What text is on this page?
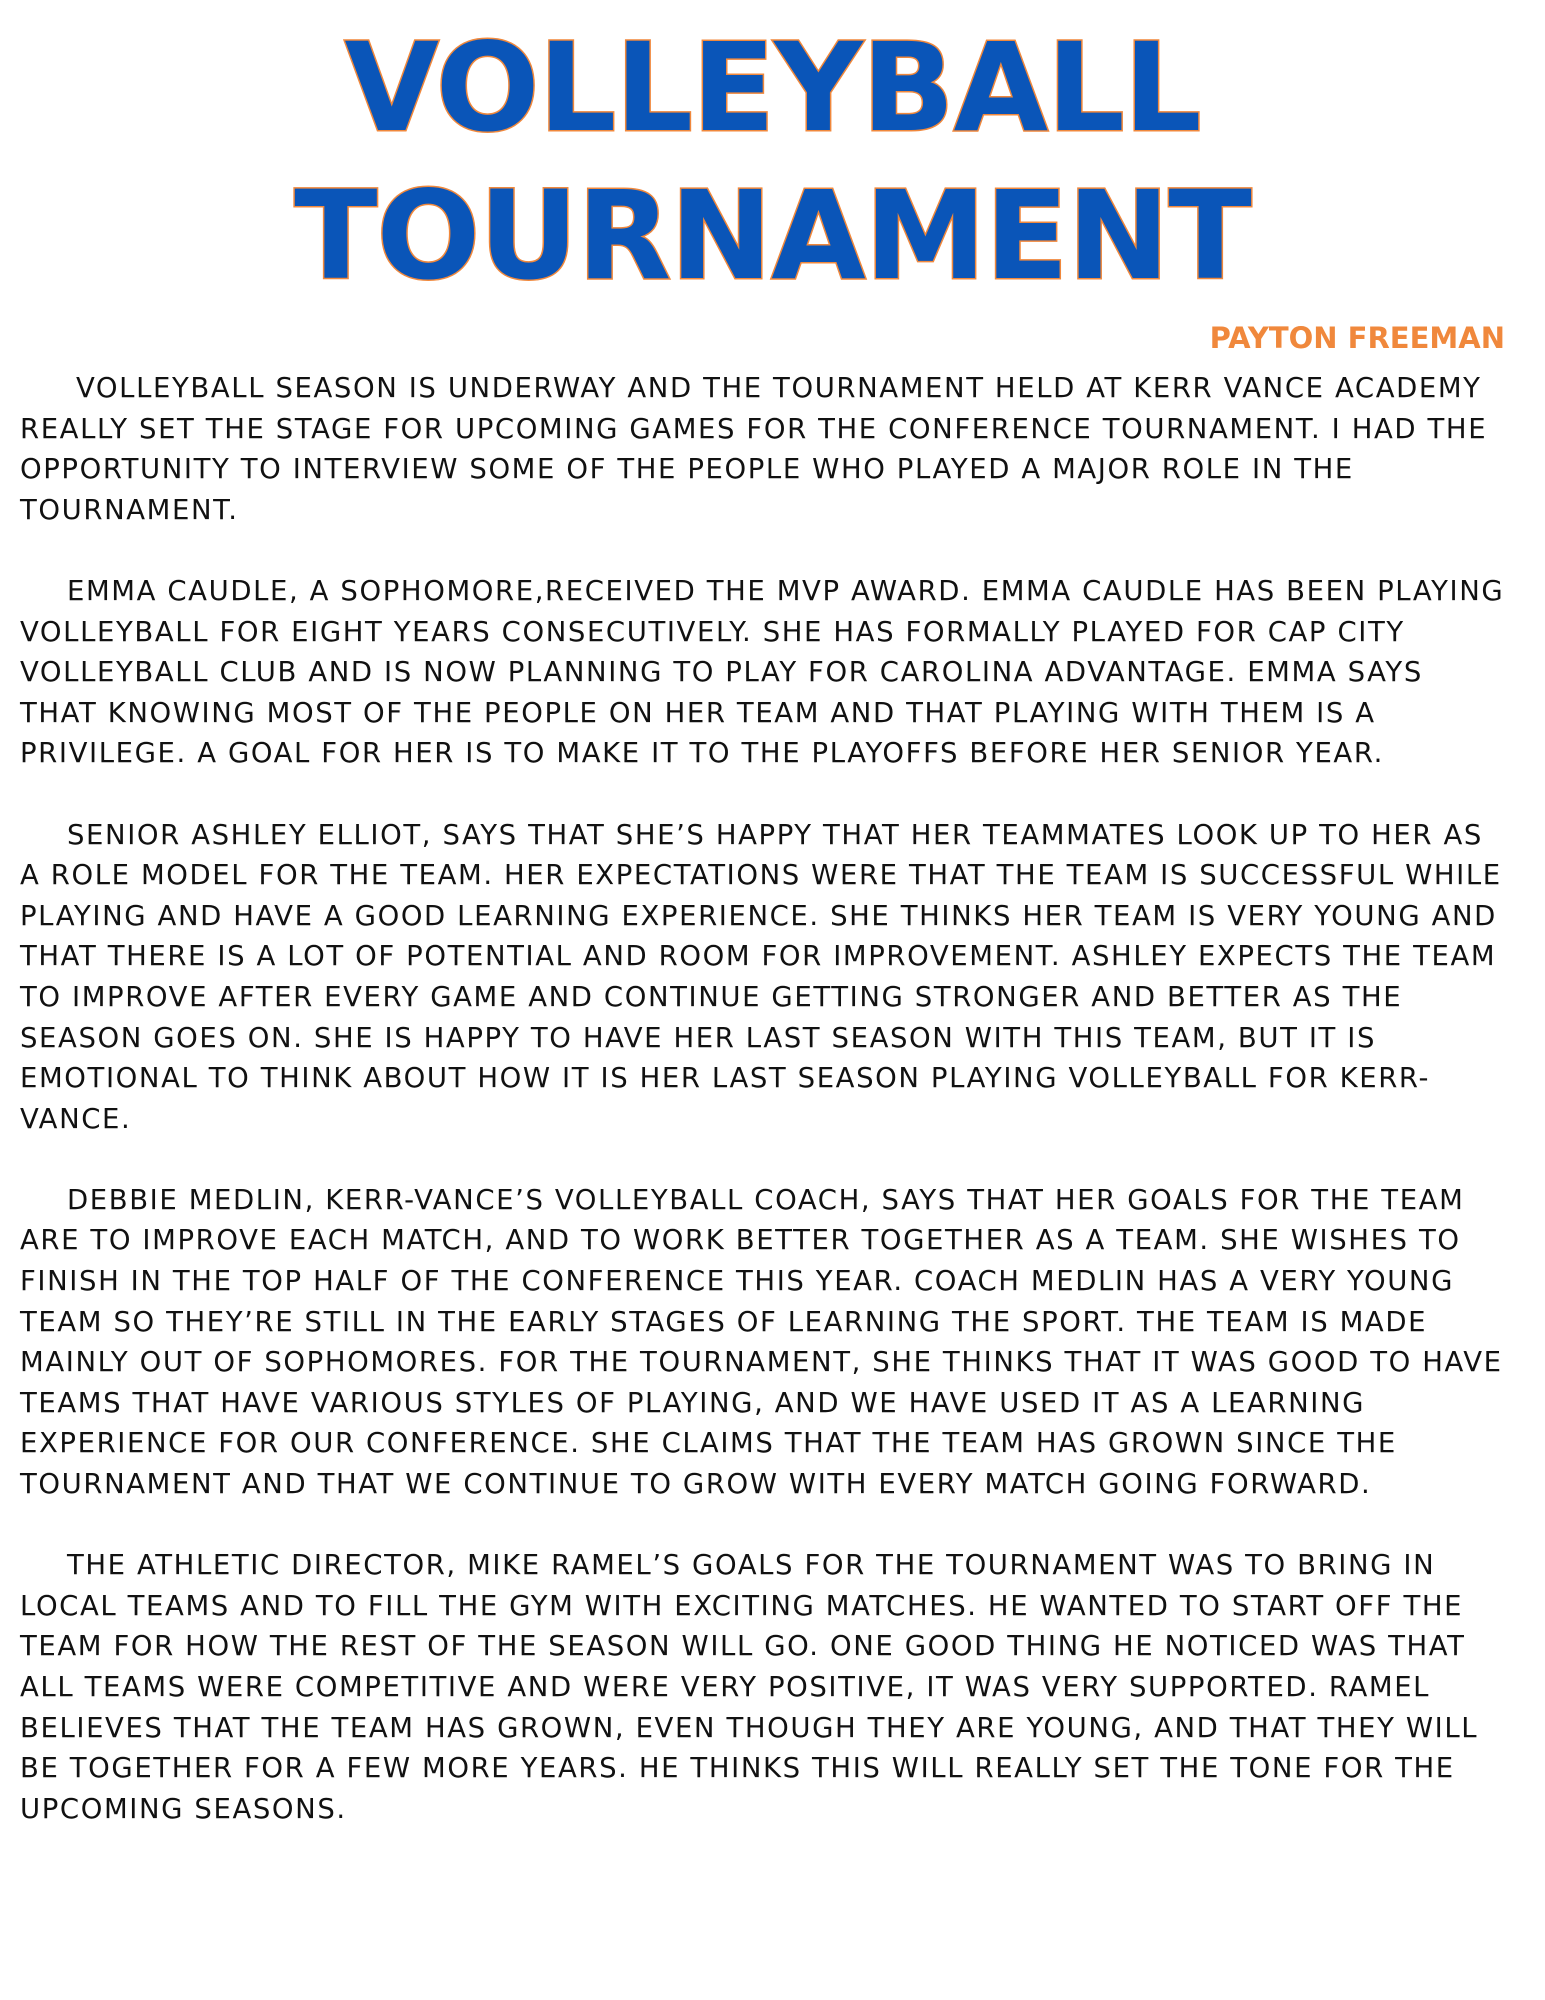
VOLLEYBALL
TOURNAMENT

PAYTON FREEMAN

VOLLEYBALL SEASON IS UNDERWAY AND THE TOURNAMENT HELD AT KERR VANCE ACADEMY REALLY SET THE STAGE FOR UPCOMING GAMES FOR THE CONFERENCE TOURNAMENT. I HAD THE OPPORTUNITY TO INTERVIEW SOME OF THE PEOPLE WHO PLAYED A MAJOR ROLE IN THE TOURNAMENT.

EMMA CAUDLE, A SOPHOMORE,RECEIVED THE MVP AWARD. EMMA CAUDLE HAS BEEN PLAYING VOLLEYBALL FOR EIGHT YEARS CONSECUTIVELY. SHE HAS FORMALLY PLAYED FOR CAP CITY VOLLEYBALL CLUB AND IS NOW PLANNING TO PLAY FOR CAROLINA ADVANTAGE. EMMA SAYS THAT KNOWING MOST OF THE PEOPLE ON HER TEAM AND THAT PLAYING WITH THEM IS A PRIVILEGE. A GOAL FOR HER IS TO MAKE IT TO THE PLAYOFFS BEFORE HER SENIOR YEAR.

SENIOR ASHLEY ELLIOT, SAYS THAT SHE’S HAPPY THAT HER TEAMMATES LOOK UP TO HER AS A ROLE MODEL FOR THE TEAM. HER EXPECTATIONS WERE THAT THE TEAM IS SUCCESSFUL WHILE PLAYING AND HAVE A GOOD LEARNING EXPERIENCE. SHE THINKS HER TEAM IS VERY YOUNG AND THAT THERE IS A LOT OF POTENTIAL AND ROOM FOR IMPROVEMENT. ASHLEY EXPECTS THE TEAM TO IMPROVE AFTER EVERY GAME AND CONTINUE GETTING STRONGER AND BETTER AS THE SEASON GOES ON. SHE IS HAPPY TO HAVE HER LAST SEASON WITH THIS TEAM, BUT IT IS EMOTIONAL TO THINK ABOUT HOW IT IS HER LAST SEASON PLAYING VOLLEYBALL FOR KERR- VANCE.

DEBBIE MEDLIN, KERR-VANCE’S VOLLEYBALL COACH, SAYS THAT HER GOALS FOR THE TEAM ARE TO IMPROVE EACH MATCH, AND TO WORK BETTER TOGETHER AS A TEAM. SHE WISHES TO FINISH IN THE TOP HALF OF THE CONFERENCE THIS YEAR. COACH MEDLIN HAS A VERY YOUNG TEAM SO THEY’RE STILL IN THE EARLY STAGES OF LEARNING THE SPORT. THE TEAM IS MADE MAINLY OUT OF SOPHOMORES. FOR THE TOURNAMENT, SHE THINKS THAT IT WAS GOOD TO HAVE TEAMS THAT HAVE VARIOUS STYLES OF PLAYING, AND WE HAVE USED IT AS A LEARNING EXPERIENCE FOR OUR CONFERENCE. SHE CLAIMS THAT THE TEAM HAS GROWN SINCE THE TOURNAMENT AND THAT WE CONTINUE TO GROW WITH EVERY MATCH GOING FORWARD.

THE ATHLETIC DIRECTOR, MIKE RAMEL’S GOALS FOR THE TOURNAMENT WAS TO BRING IN LOCAL TEAMS AND TO FILL THE GYM WITH EXCITING MATCHES. HE WANTED TO START OFF THE TEAM FOR HOW THE REST OF THE SEASON WILL GO. ONE GOOD THING HE NOTICED WAS THAT ALL TEAMS WERE COMPETITIVE AND WERE VERY POSITIVE, IT WAS VERY SUPPORTED. RAMEL BELIEVES THAT THE TEAM HAS GROWN, EVEN THOUGH THEY ARE YOUNG, AND THAT THEY WILL BE TOGETHER FOR A FEW MORE YEARS. HE THINKS THIS WILL REALLY SET THE TONE FOR THE UPCOMING SEASONS.
